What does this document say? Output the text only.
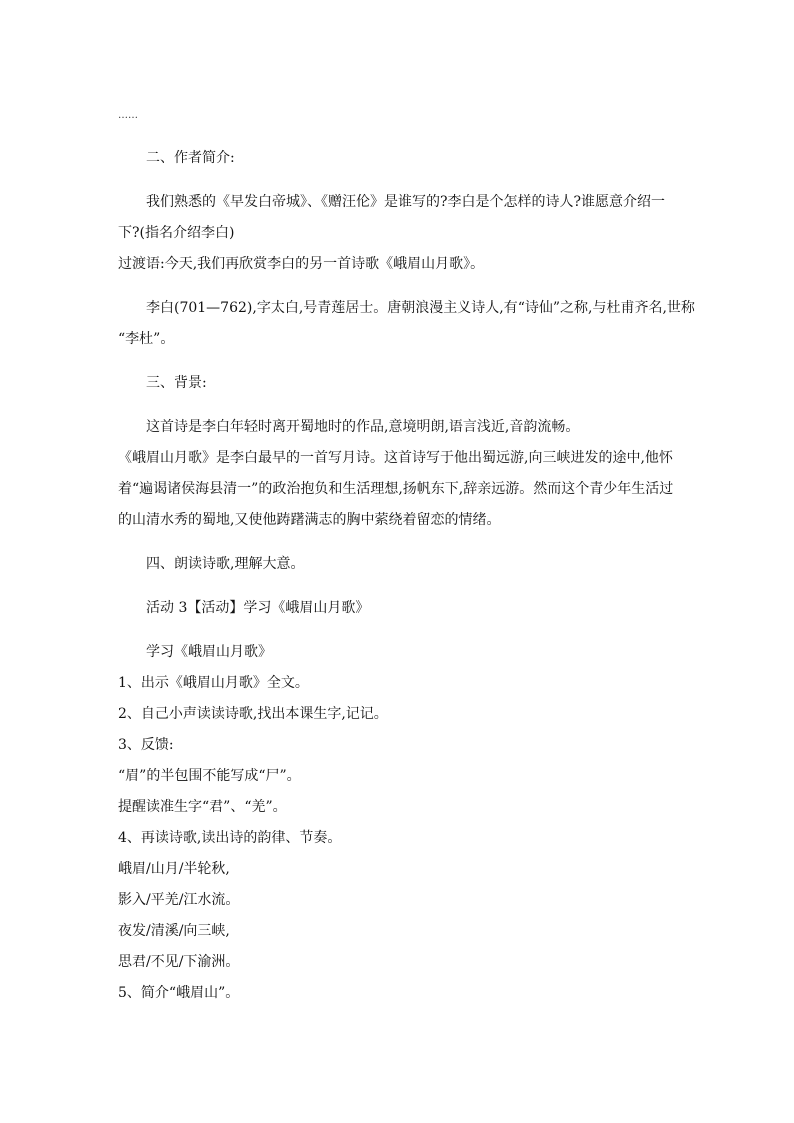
……
二、作者简介:
我们熟悉的《早发白帝城》、《赠汪伦》是谁写的?李白是个怎样的诗人?谁愿意介绍一
下?(指名介绍李白)
过渡语:今天,我们再欣赏李白的另一首诗歌《峨眉山月歌》。
李白(701—762),字太白,号青莲居士。唐朝浪漫主义诗人,有“诗仙”之称,与杜甫齐名,世称
“李杜”。
三、背景:
这首诗是李白年轻时离开蜀地时的作品,意境明朗,语言浅近,音韵流畅。
《峨眉山月歌》是李白最早的一首写月诗。这首诗写于他出蜀远游,向三峡进发的途中,他怀
着“遍谒诸侯海县清一”的政治抱负和生活理想,扬帆东下,辞亲远游。然而这个青少年生活过
的山清水秀的蜀地,又使他踌躇满志的胸中萦绕着留恋的情绪。
四、朗读诗歌,理解大意。
活动 3【活动】学习《峨眉山月歌》
学习《峨眉山月歌》
1、出示《峨眉山月歌》全文。
2、自己小声读读诗歌,找出本课生字,记记。
3、反馈:
“眉”的半包围不能写成“尸”。
提醒读准生字“君”、“羌”。
4、再读诗歌,读出诗的韵律、节奏。
峨眉/山月/半轮秋,
影入/平羌/江水流。
夜发/清溪/向三峡,
思君/不见/下渝洲。
5、简介“峨眉山”。
